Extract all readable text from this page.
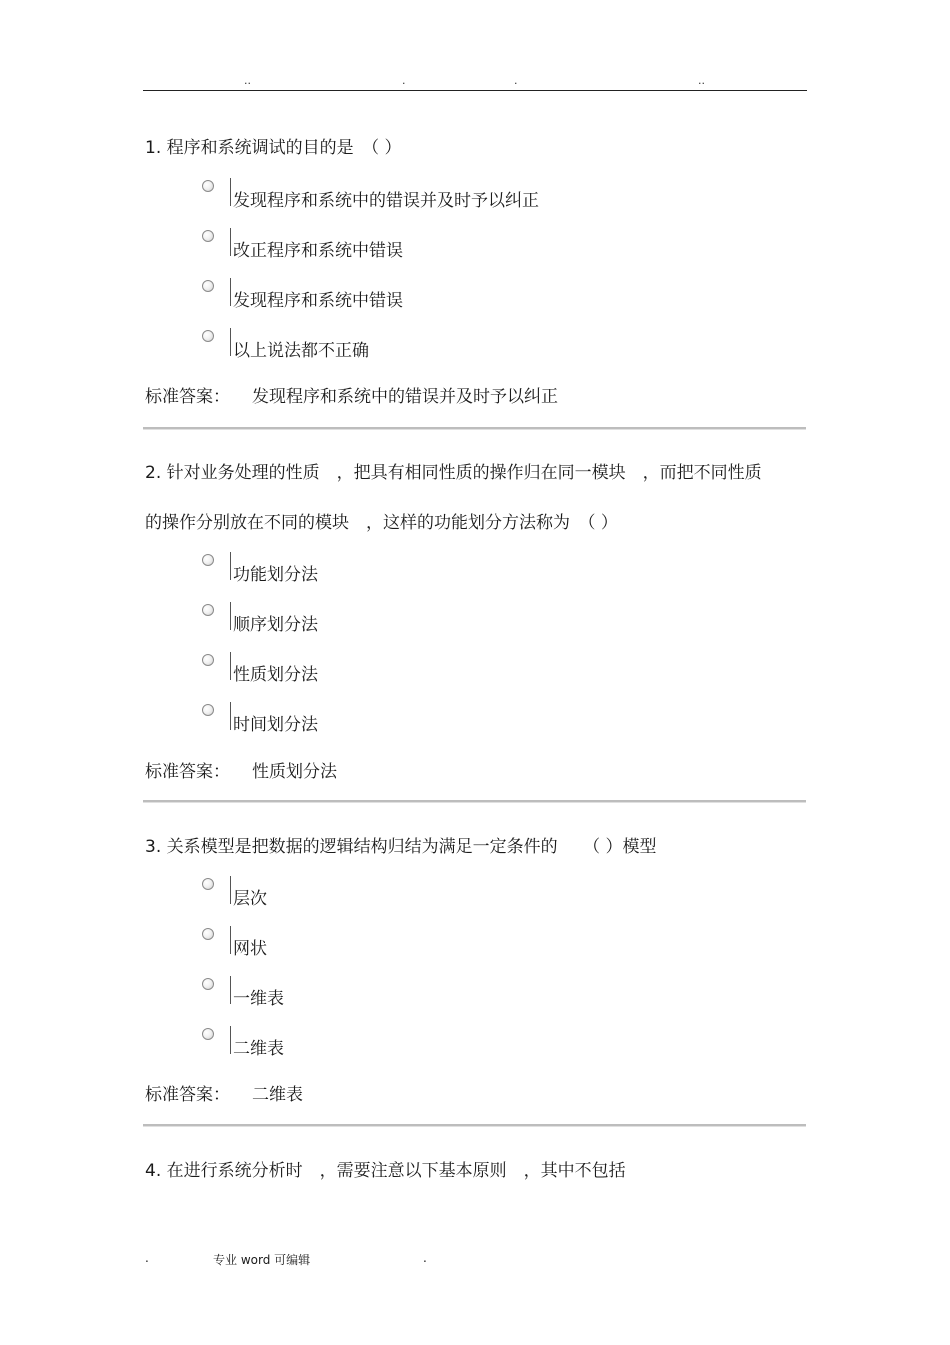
..	.	.	..
1. 程序和系统调试的目的是　（ ）
发现程序和系统中的错误并及时予以纠正
改正程序和系统中错误
发现程序和系统中错误
以上说法都不正确
标准答案： 发现程序和系统中的错误并及时予以纠正
2. 针对业务处理的性质　，把具有相同性质的操作归在同一模块　，而把不同性质
的操作分别放在不同的模块　，这样的功能划分方法称为　（ ）
功能划分法
顺序划分法
性质划分法
时间划分法
标准答案： 性质划分法
3. 关系模型是把数据的逻辑结构归结为满足一定条件的　　（ ）模型
层次
网状
一维表
二维表
标准答案： 二维表
4. 在进行系统分析时　，需要注意以下基本原则　，其中不包括
.	专业 word 可编辑	.
